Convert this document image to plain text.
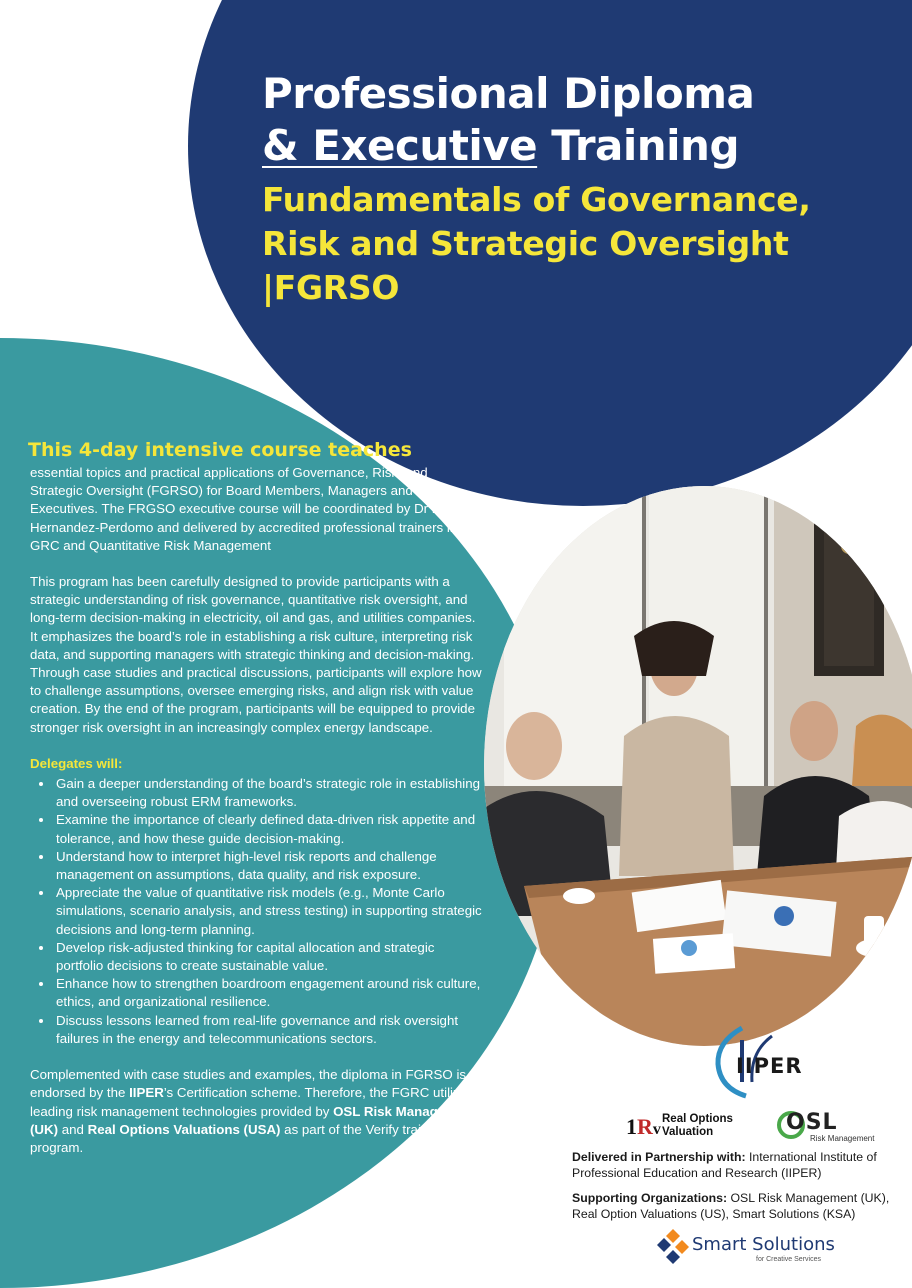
Professional Diploma
& Executive Training
Fundamentals of Governance,
Risk and Strategic Oversight
|FGRSO
This 4-day intensive course teaches

essential topics and practical applications of Governance, Risk, and Strategic Oversight (FGRSO) for Board Members, Managers and C-Suite Executives. The FRGSO executive course will be coordinated by Dr Elvis Hernandez-Perdomo and delivered by accredited professional trainers in GRC and Quantitative Risk Management

This program has been carefully designed to provide participants with a strategic understanding of risk governance, quantitative risk oversight, and long-term decision-making in electricity, oil and gas, and utilities companies. It emphasizes the board’s role in establishing a risk culture, interpreting risk data, and supporting managers with strategic thinking and decision-making. Through case studies and practical discussions, participants will explore how to challenge assumptions, oversee emerging risks, and align risk with value creation. By the end of the program, participants will be equipped to provide stronger risk oversight in an increasingly complex energy landscape.

Delegates will:
• Gain a deeper understanding of the board’s strategic role in establishing and overseeing robust ERM frameworks.
• Examine the importance of clearly defined data-driven risk appetite and tolerance, and how these guide decision-making.
• Understand how to interpret high-level risk reports and challenge management on assumptions, data quality, and risk exposure.
• Appreciate the value of quantitative risk models (e.g., Monte Carlo simulations, scenario analysis, and stress testing) in supporting strategic decisions and long-term planning.
• Develop risk-adjusted thinking for capital allocation and strategic portfolio decisions to create sustainable value.
• Enhance how to strengthen boardroom engagement around risk culture, ethics, and organizational resilience.
• Discuss lessons learned from real-life governance and risk oversight failures in the energy and telecommunications sectors.

Complemented with case studies and examples, the diploma in FGRSO is endorsed by the IIPER’s Certification scheme. Therefore, the FGRC utilizes leading risk management technologies provided by OSL Risk Management (UK) and Real Options Valuations (USA) as part of the Verify training program.

IIPER
1Rv
Real Options
Valuation	OSL
Risk Management

Delivered in Partnership with: International Institute of Professional Education and Research (IIPER)

Supporting Organizations: OSL Risk Management (UK), Real Option Valuations (US), Smart Solutions (KSA)

Smart Solutions
for Creative Services
